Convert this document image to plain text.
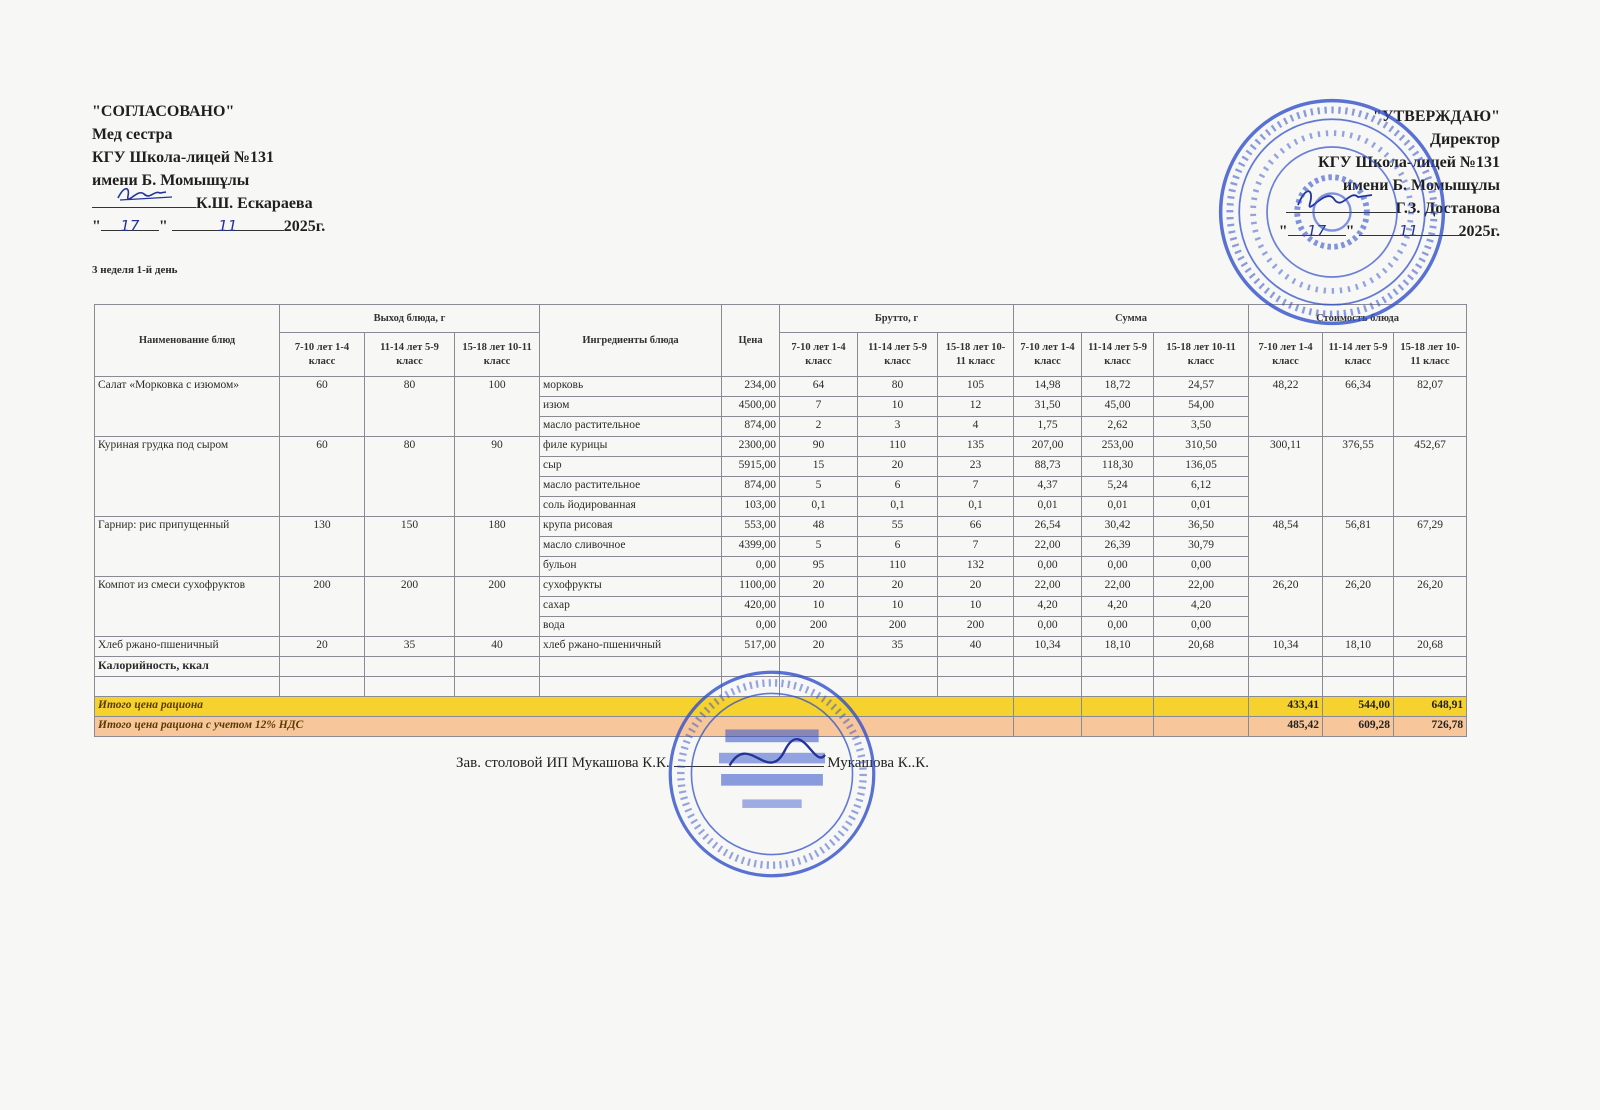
"СОГЛАСОВАНО"
Мед сестра
КГУ Школа-лицей №131
имени Б. Момышұлы
К.Ш. Ескараева
" 17 "	11	2025г.
3 неделя 1-й день
"УТВЕРЖДАЮ"
Директор
КГУ Школа-лицей №131
имени Б. Момышұлы
Г.З. Достанова
" 17 "	11	2025г.
Наименование блюд	Выход блюда, г			Ингредиенты блюда	Цена	Брутто, г			Сумма			Стоимость блюда		
	7-10 лет 1-4 класс	11-14 лет 5-9 класс	15-18 лет 10-11 класс			7-10 лет 1-4 класс	11-14 лет 5-9 класс	15-18 лет 10-11 класс	7-10 лет 1-4 класс	11-14 лет 5-9 класс	15-18 лет 10-11 класс	7-10 лет 1-4 класс	11-14 лет 5-9 класс	15-18 лет 10-11 класс
Салат «Морковка с изюмом»	60	80	100	морковь	234,00	64	80	105	14,98	18,72	24,57	48,22	66,34	82,07
				изюм	4500,00	7	10	12	31,50	45,00	54,00			
				масло растительное	874,00	2	3	4	1,75	2,62	3,50			
Куриная грудка под сыром	60	80	90	филе курицы	2300,00	90	110	135	207,00	253,00	310,50	300,11	376,55	452,67
				сыр	5915,00	15	20	23	88,73	118,30	136,05			
				масло растительное	874,00	5	6	7	4,37	5,24	6,12			
				соль йодированная	103,00	0,1	0,1	0,1	0,01	0,01	0,01			
Гарнир: рис припущенный	130	150	180	крупа рисовая	553,00	48	55	66	26,54	30,42	36,50	48,54	56,81	67,29
				масло сливочное	4399,00	5	6	7	22,00	26,39	30,79			
				бульон	0,00	95	110	132	0,00	0,00	0,00			
Компот из смеси сухофруктов	200	200	200	сухофрукты	1100,00	20	20	20	22,00	22,00	22,00	26,20	26,20	26,20
				сахар	420,00	10	10	10	4,20	4,20	4,20			
				вода	0,00	200	200	200	0,00	0,00	0,00			
Хлеб ржано-пшеничный	20	35	40	хлеб ржано-пшеничный	517,00	20	35	40	10,34	18,10	20,68	10,34	18,10	20,68
Калорийность, ккал														

Итого цена рациона												433,41	544,00	648,91
Итого цена рациона с учетом 12% НДС												485,42	609,28	726,78
Зав. столовой ИП Мукашова К.К.	Мукашова К..К.
